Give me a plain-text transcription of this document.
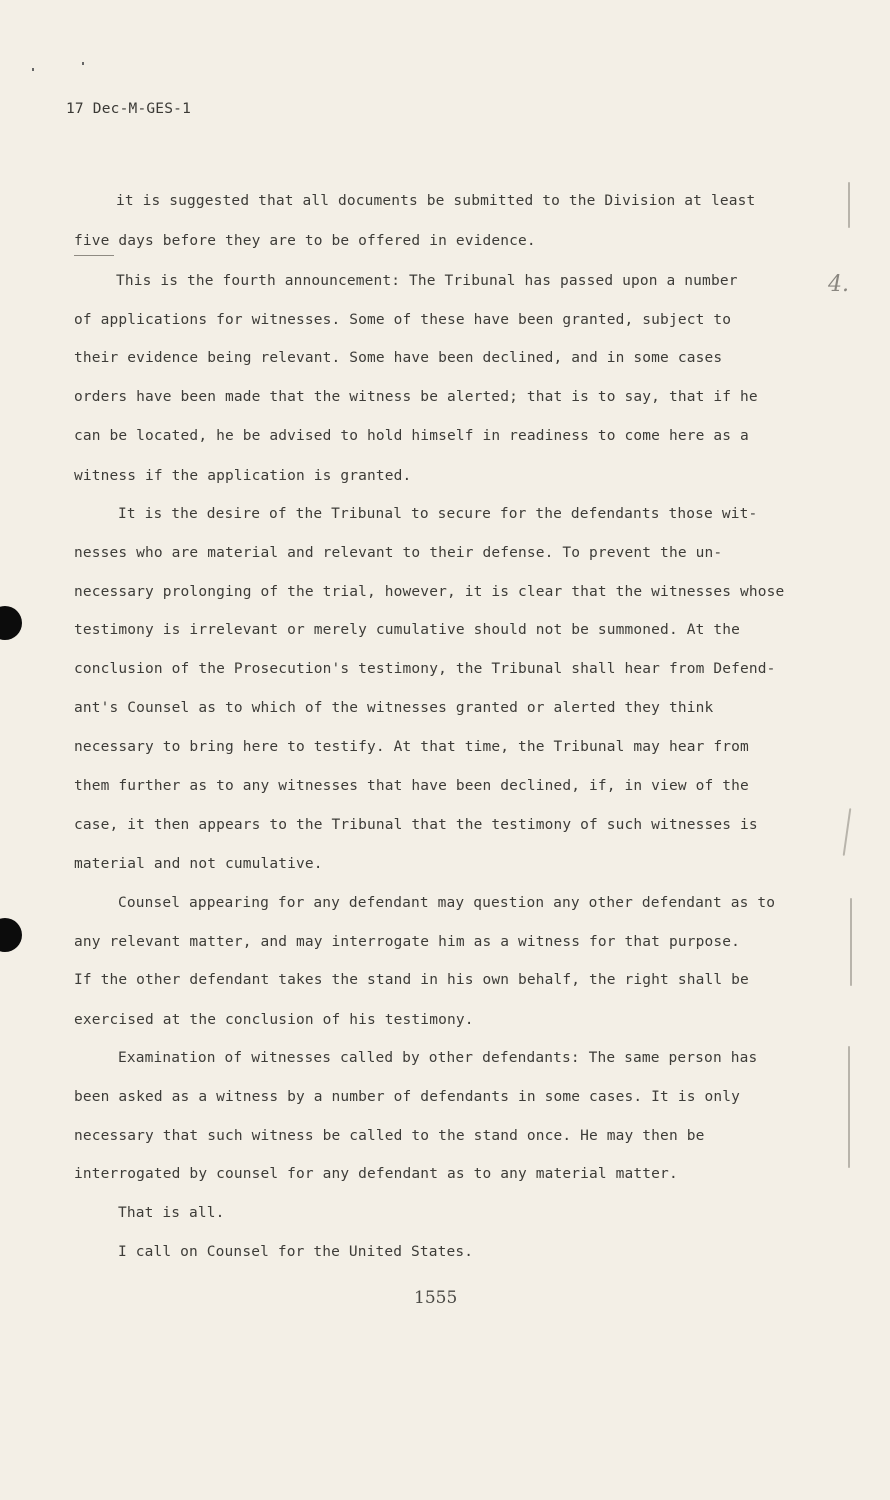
17 Dec-M-GES-1
it is suggested that all documents be submitted to the Division at least
five days before they are to be offered in evidence.
This is the fourth announcement: The Tribunal has passed upon a number
of applications for witnesses. Some of these have been granted, subject to
their evidence being relevant. Some have been declined, and in some cases
orders have been made that the witness be alerted; that is to say, that if he
can be located, he be advised to hold himself in readiness to come here as a
witness if the application is granted.
It is the desire of the Tribunal to secure for the defendants those wit-
nesses who are material and relevant to their defense. To prevent the un-
necessary prolonging of the trial, however, it is clear that the witnesses whose
testimony is irrelevant or merely cumulative should not be summoned. At the
conclusion of the Prosecution's testimony, the Tribunal shall hear from Defend-
ant's Counsel as to which of the witnesses granted or alerted they think
necessary to bring here to testify. At that time, the Tribunal may hear from
them further as to any witnesses that have been declined, if, in view of the
case, it then appears to the Tribunal that the testimony of such witnesses is
material and not cumulative.
Counsel appearing for any defendant may question any other defendant as to
any relevant matter, and may interrogate him as a witness for that purpose.
If the other defendant takes the stand in his own behalf, the right shall be
exercised at the conclusion of his testimony.
Examination of witnesses called by other defendants: The same person has
been asked as a witness by a number of defendants in some cases. It is only
necessary that such witness be called to the stand once. He may then be
interrogated by counsel for any defendant as to any material matter.
That is all.
I call on Counsel for the United States.
4.
1555
